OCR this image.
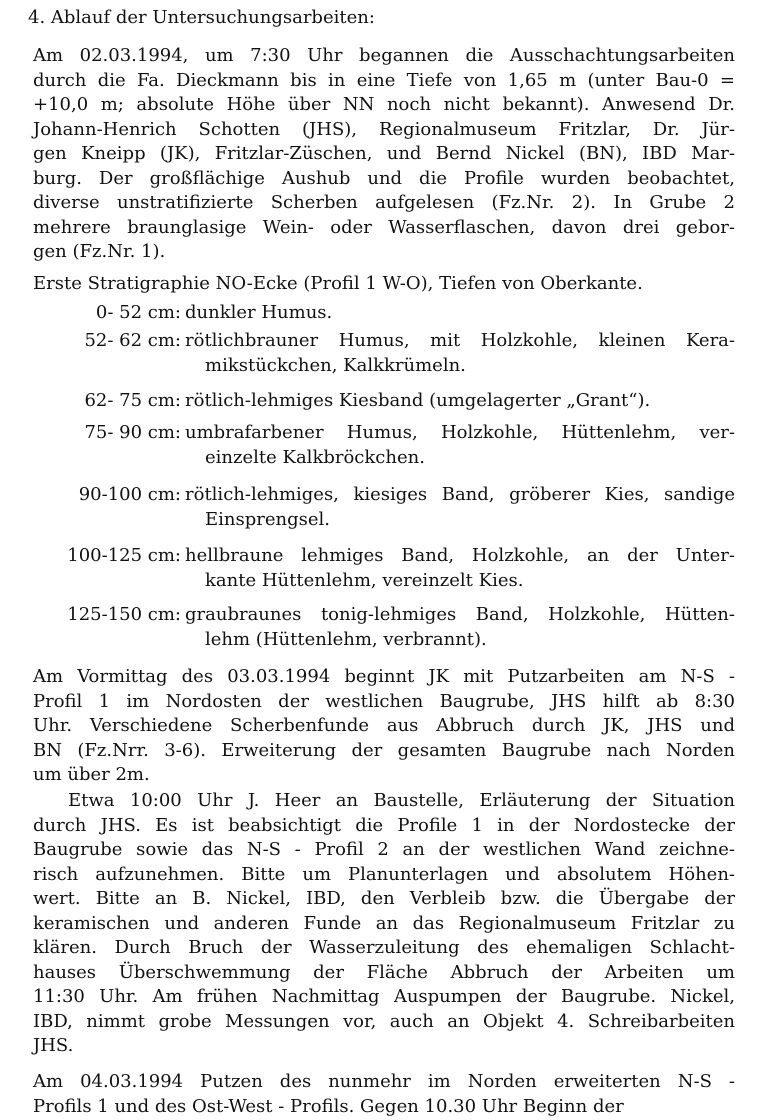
4. Ablauf der Untersuchungsarbeiten:
Am 02.03.1994, um 7:30 Uhr begannen die Ausschachtungsarbeiten
durch die Fa. Dieckmann bis in eine Tiefe von 1,65 m (unter Bau-0 =
+10,0 m; absolute Höhe über NN noch nicht bekannt). Anwesend Dr.
Johann-Henrich Schotten (JHS), Regionalmuseum Fritzlar, Dr. Jür-
gen Kneipp (JK), Fritzlar-Züschen, und Bernd Nickel (BN), IBD Mar-
burg. Der großflächige Aushub und die Profile wurden beobachtet,
diverse unstratifizierte Scherben aufgelesen (Fz.Nr. 2). In Grube 2
mehrere braunglasige Wein- oder Wasserflaschen, davon drei gebor-
gen (Fz.Nr. 1).
Erste Stratigraphie NO-Ecke (Profil 1 W-O), Tiefen von Oberkante.
0- 52 cm: dunkler Humus.
52- 62 cm: rötlichbrauner Humus, mit Holzkohle, kleinen Kera-
mikstückchen, Kalkkrümeln.
62- 75 cm: rötlich-lehmiges Kiesband (umgelagerter „Grant“).
75- 90 cm: umbrafarbener Humus, Holzkohle, Hüttenlehm, ver-
einzelte Kalkbröckchen.
90-100 cm: rötlich-lehmiges, kiesiges Band, gröberer Kies, sandige
Einsprengsel.
100-125 cm: hellbraune lehmiges Band, Holzkohle, an der Unter-
kante Hüttenlehm, vereinzelt Kies.
125-150 cm: graubraunes tonig-lehmiges Band, Holzkohle, Hütten-
lehm (Hüttenlehm, verbrannt).
Am Vormittag des 03.03.1994 beginnt JK mit Putzarbeiten am N-S -
Profil 1 im Nordosten der westlichen Baugrube, JHS hilft ab 8:30
Uhr. Verschiedene Scherbenfunde aus Abbruch durch JK, JHS und
BN (Fz.Nrr. 3-6). Erweiterung der gesamten Baugrube nach Norden
um über 2m.
Etwa 10:00 Uhr J. Heer an Baustelle, Erläuterung der Situation
durch JHS. Es ist beabsichtigt die Profile 1 in der Nordostecke der
Baugrube sowie das N-S - Profil 2 an der westlichen Wand zeichne-
risch aufzunehmen. Bitte um Planunterlagen und absolutem Höhen-
wert. Bitte an B. Nickel, IBD, den Verbleib bzw. die Übergabe der
keramischen und anderen Funde an das Regionalmuseum Fritzlar zu
klären. Durch Bruch der Wasserzuleitung des ehemaligen Schlacht-
hauses Überschwemmung der Fläche Abbruch der Arbeiten um
11:30 Uhr. Am frühen Nachmittag Auspumpen der Baugrube. Nickel,
IBD, nimmt grobe Messungen vor, auch an Objekt 4. Schreibarbeiten
JHS.
Am 04.03.1994 Putzen des nunmehr im Norden erweiterten N-S -
Profils 1 und des Ost-West - Profils. Gegen 10.30 Uhr Beginn der
